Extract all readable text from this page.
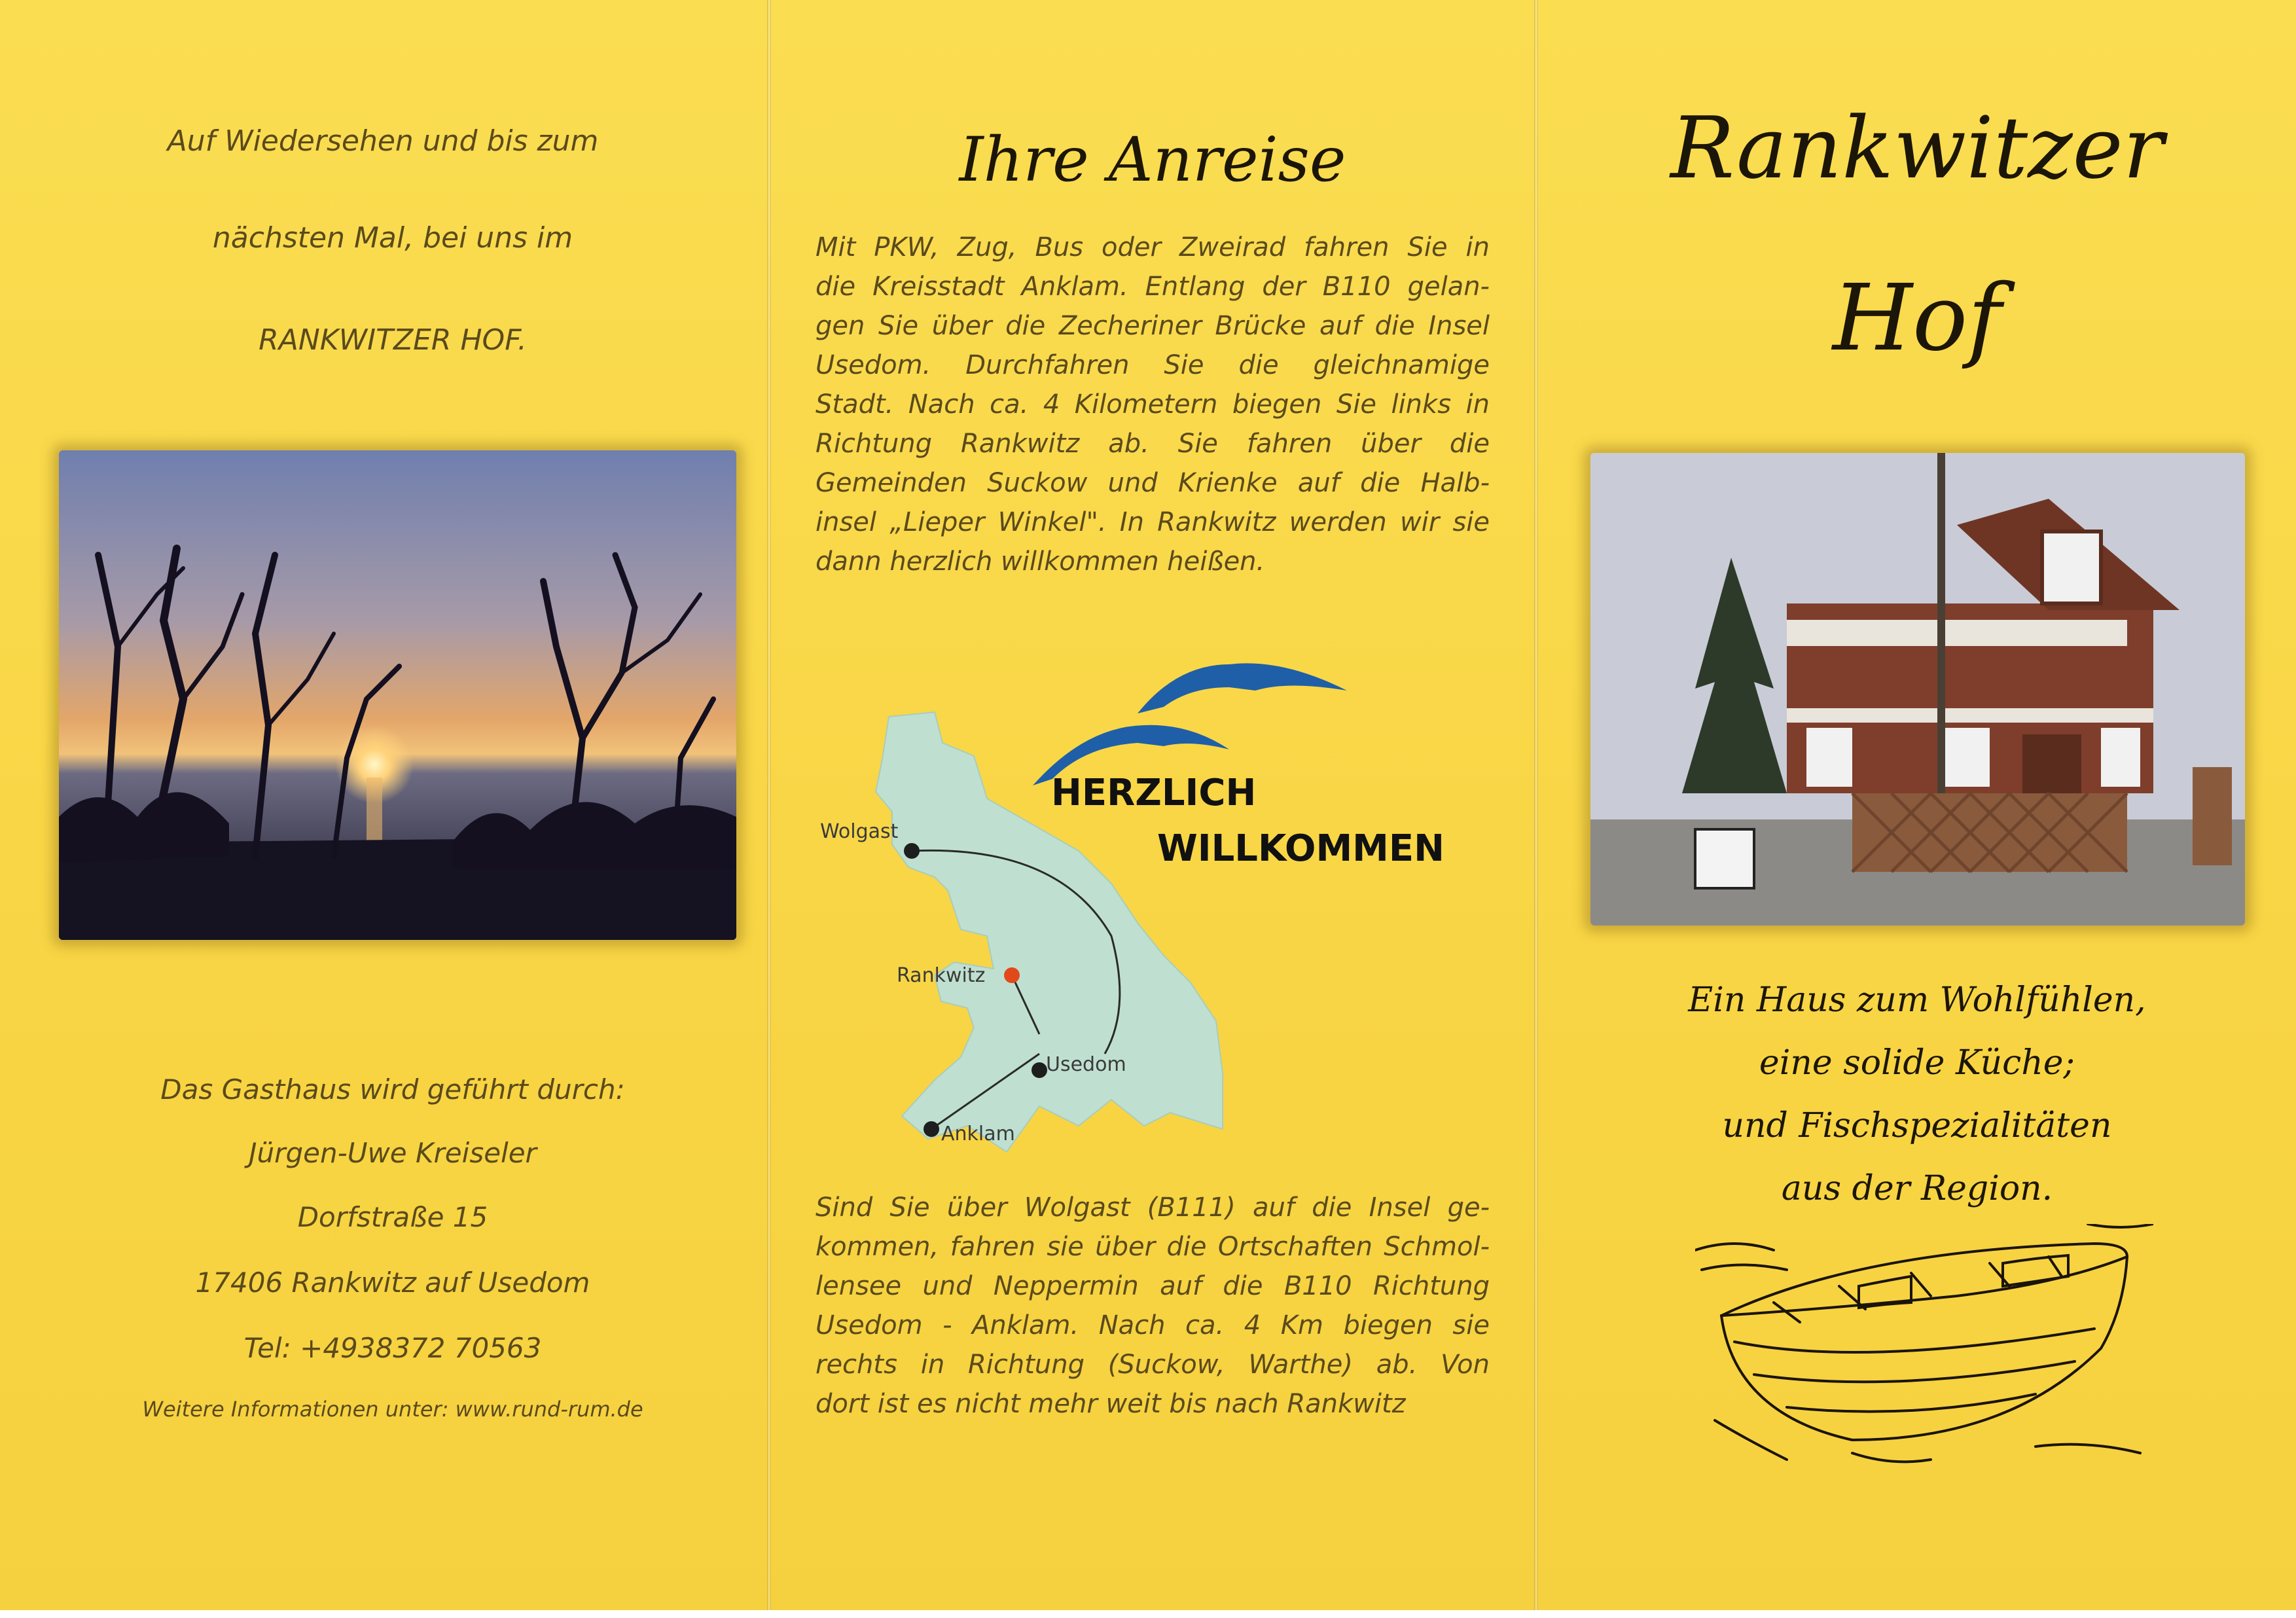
Auf Wiedersehen und bis zum
nächsten Mal, bei uns im
RANKWITZER HOF.
Das Gasthaus wird geführt durch:
Jürgen-Uwe Kreiseler
Dorfstraße 15
17406 Rankwitz auf Usedom
Tel: +4938372 70563
Weitere Informationen unter: www.rund-rum.de
Ihre Anreise
Mit PKW, Zug, Bus oder Zweirad fahren Sie in
die Kreisstadt Anklam. Entlang der B110 gelan-
gen Sie über die Zecheriner Brücke auf die Insel
Usedom. Durchfahren Sie die gleichnamige
Stadt. Nach ca. 4 Kilometern biegen Sie links in
Richtung Rankwitz ab. Sie fahren über die
Gemeinden Suckow und Krienke auf die Halb-
insel „Lieper Winkel". In Rankwitz werden wir sie
dann herzlich willkommen heißen.
Wolgast
Rankwitz
Usedom
Anklam
HERZLICH
WILLKOMMEN
Sind Sie über Wolgast (B111) auf die Insel ge-
kommen, fahren sie über die Ortschaften Schmol-
lensee und Neppermin auf die B110 Richtung
Usedom - Anklam. Nach ca. 4 Km biegen sie
rechts in Richtung (Suckow, Warthe) ab. Von
dort ist es nicht mehr weit bis nach Rankwitz
Rankwitzer
Hof
Ein Haus zum Wohlfühlen,
eine solide Küche;
und Fischspezialitäten
aus der Region.
